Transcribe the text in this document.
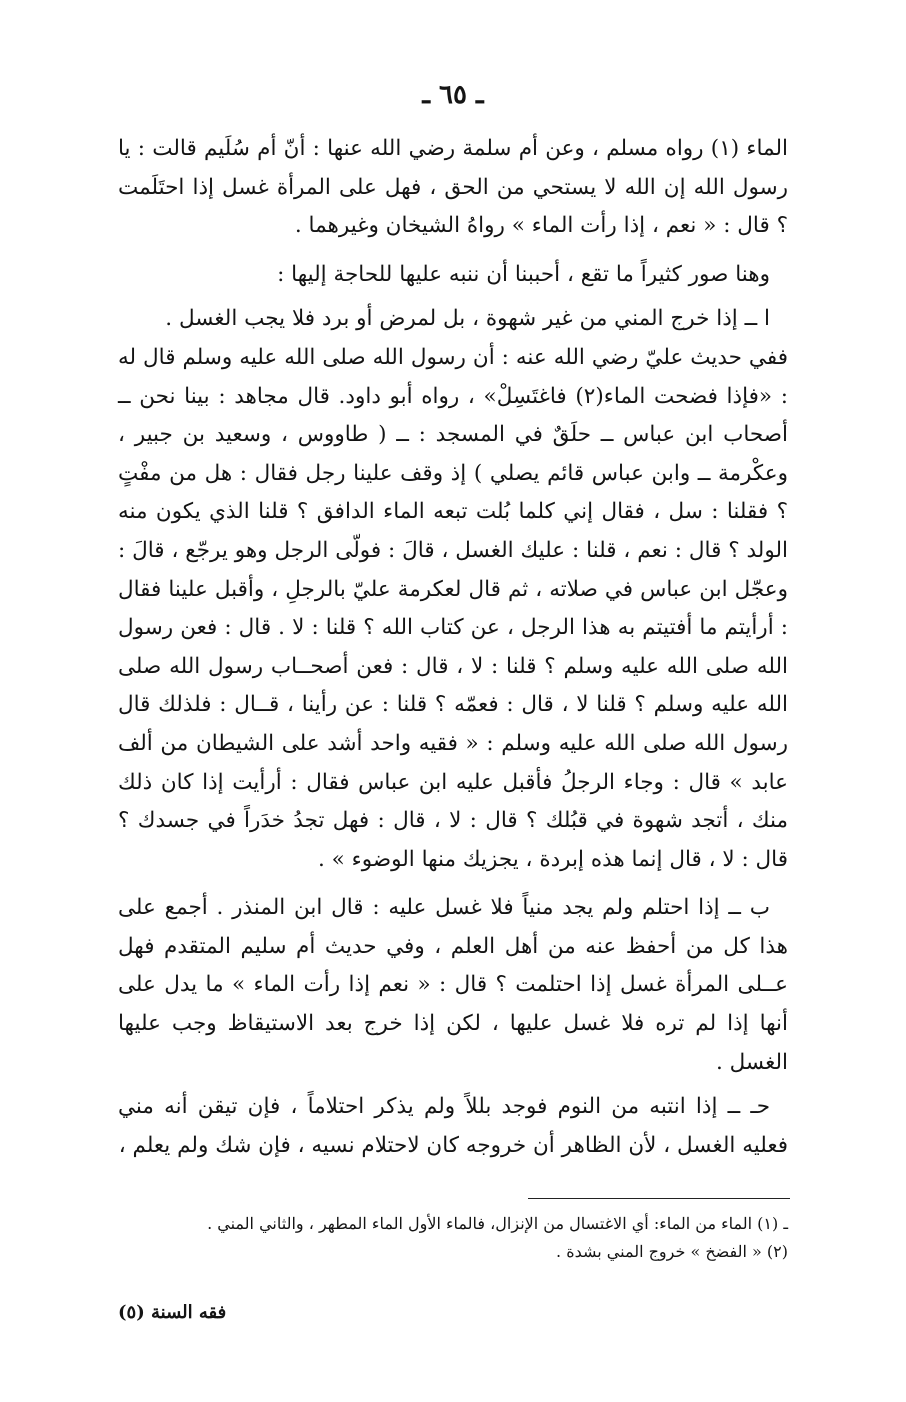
ـ ٦٥ ـ

الماء (١) رواه مسلم ، وعن أم سلمة رضي الله عنها : أنّ أم سُلَيم قالت : يا رسول الله إن الله لا يستحي من الحق ، فهل على المرأة غسل إذا احتَلَمت ؟ قال : « نعم ، إذا رأت الماء » رواهُ الشيخان وغيرهما .

وهنا صور كثيراً ما تقع ، أحببنا أن ننبه عليها للحاجة إليها :

ا ــ إذا خرج المني من غير شهوة ، بل لمرض أو برد فلا يجب الغسل .

ففي حديث عليّ رضي الله عنه : أن رسول الله صلى الله عليه وسلم قال له : «فإذا فضحت الماء(٢) فاغتَسِلْ» ، رواه أبو داود. قال مجاهد : بينا نحن ــ أصحاب ابن عباس ــ حلَقٌ في المسجد : ــ ( طاووس ، وسعيد بن جبير ، وعكْرمة ــ وابن عباس قائم يصلي ) إذ وقف علينا رجل فقال : هل من مفْتٍ ؟ فقلنا : سل ، فقال إني كلما بُلت تبعه الماء الدافق ؟ قلنا الذي يكون منه الولد ؟ قال : نعم ، قلنا : عليك الغسل ، قالَ : فولّى الرجل وهو يرجّع ، قالَ : وعجّل ابن عباس في صلاته ، ثم قال لعكرمة عليّ بالرجلِ ، وأقبل علينا فقال : أرأيتم ما أفتيتم به هذا الرجل ، عن كتاب الله ؟ قلنا : لا . قال : فعن رسول الله صلى الله عليه وسلم ؟ قلنا : لا ، قال : فعن أصحــاب رسول الله صلى الله عليه وسلم ؟ قلنا لا ، قال : فعمّه ؟ قلنا : عن رأينا ، قــال : فلذلك قال رسول الله صلى الله عليه وسلم : « فقيه واحد أشد على الشيطان من ألف عابد » قال : وجاء الرجلُ فأقبل عليه ابن عباس فقال : أرأيت إذا كان ذلك منك ، أتجد شهوة في قبُلك ؟ قال : لا ، قال : فهل تجدُ خدَراً في جسدك ؟ قال : لا ، قال إنما هذه إبردة ، يجزيك منها الوضوء » .

ب ــ إذا احتلم ولم يجد منياً فلا غسل عليه : قال ابن المنذر . أجمع على هذا كل من أحفظ عنه من أهل العلم ، وفي حديث أم سليم المتقدم فهل عــلى المرأة غسل إذا احتلمت ؟ قال : « نعم إذا رأت الماء » ما يدل على أنها إذا لم تره فلا غسل عليها ، لكن إذا خرج بعد الاستيقاظ وجب عليها الغسل .

حـ ــ إذا انتبه من النوم فوجد بللاً ولم يذكر احتلاماً ، فإن تيقن أنه مني فعليه الغسل ، لأن الظاهر أن خروجه كان لاحتلام نسيه ، فإن شك ولم يعلم ،

ـ (١) الماء من الماء: أي الاغتسال من الإنزال، فالماء الأول الماء المطهر ، والثاني المني .

(٢) « الفضخ » خروج المني بشدة .

فقه السنة (٥)
